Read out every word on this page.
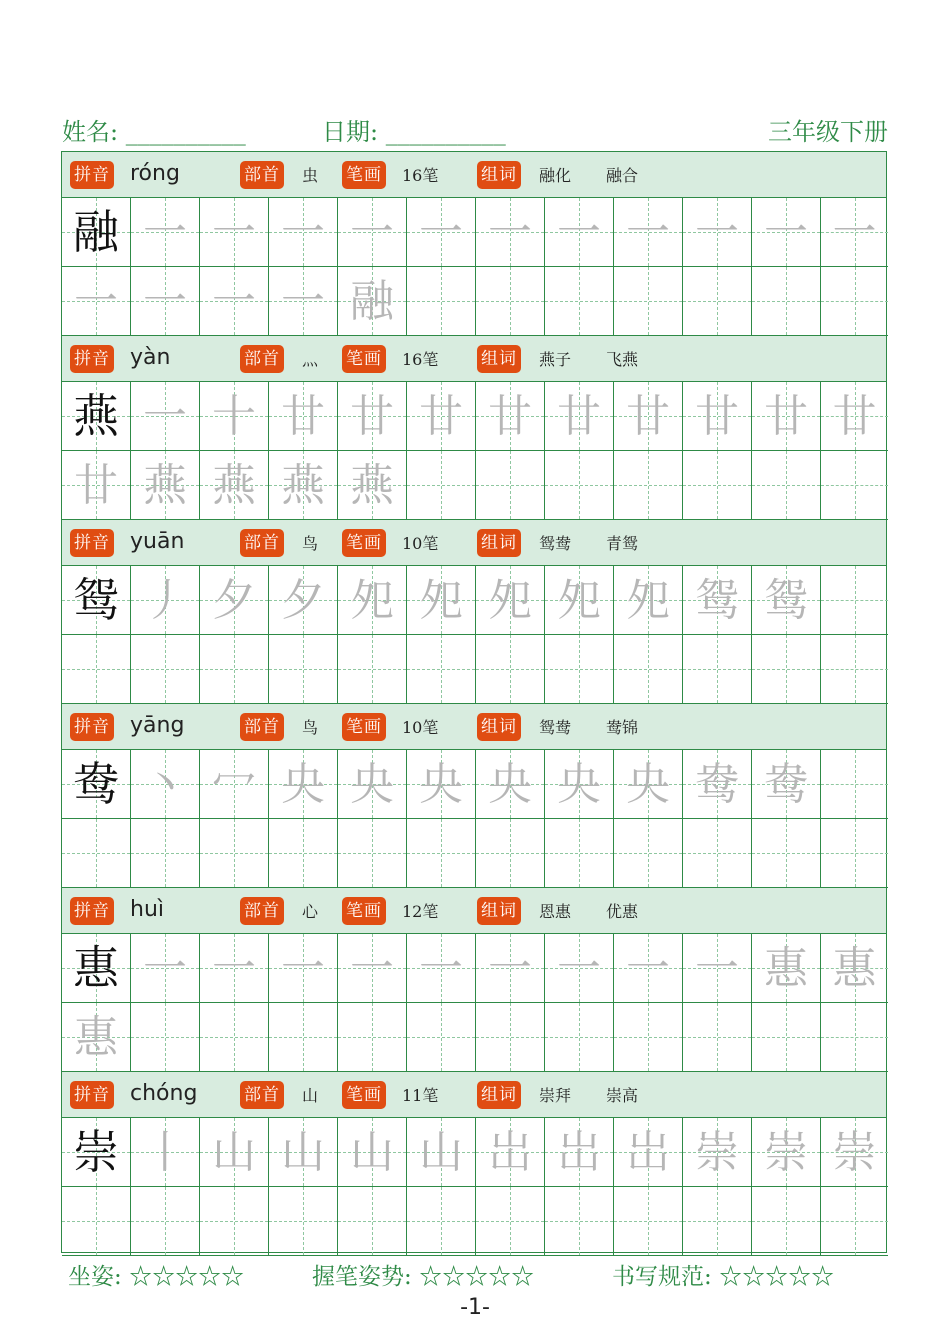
姓名: __________	日期: __________	三年级下册
拼音 róng	部首 虫 笔画 16笔	组词 融化 融合
融 一 一 一 一 一 一 一 一 一 一 一
一 一 一 一 融
拼音 yàn	部首 灬 笔画 16笔	组词 燕子 飞燕
燕 一 十 廿 廿 廿 廿 廿 廿 廿 廿 廿
廿 燕 燕 燕 燕
拼音 yuān	部首 鸟 笔画 10笔	组词 鸳鸯 青鸳
鸳 丿 夕 夕 夗 夗 夗 夗 夗 鸳 鸳
拼音 yāng	部首 鸟 笔画 10笔	组词 鸳鸯 鸯锦
鸯 丶 冖 央 央 央 央 央 央 鸯 鸯
拼音 huì	部首 心 笔画 12笔	组词 恩惠 优惠
惠 一 一 一 一 一 一 一 一 一 惠 惠
惠
拼音 chóng	部首 山 笔画 11笔	组词 崇拜 崇高
崇 丨 山 山 山 山 岀 岀 岀 崇 崇 崇
坐姿: ☆☆☆☆☆	握笔姿势: ☆☆☆☆☆	书写规范: ☆☆☆☆☆
-1-
